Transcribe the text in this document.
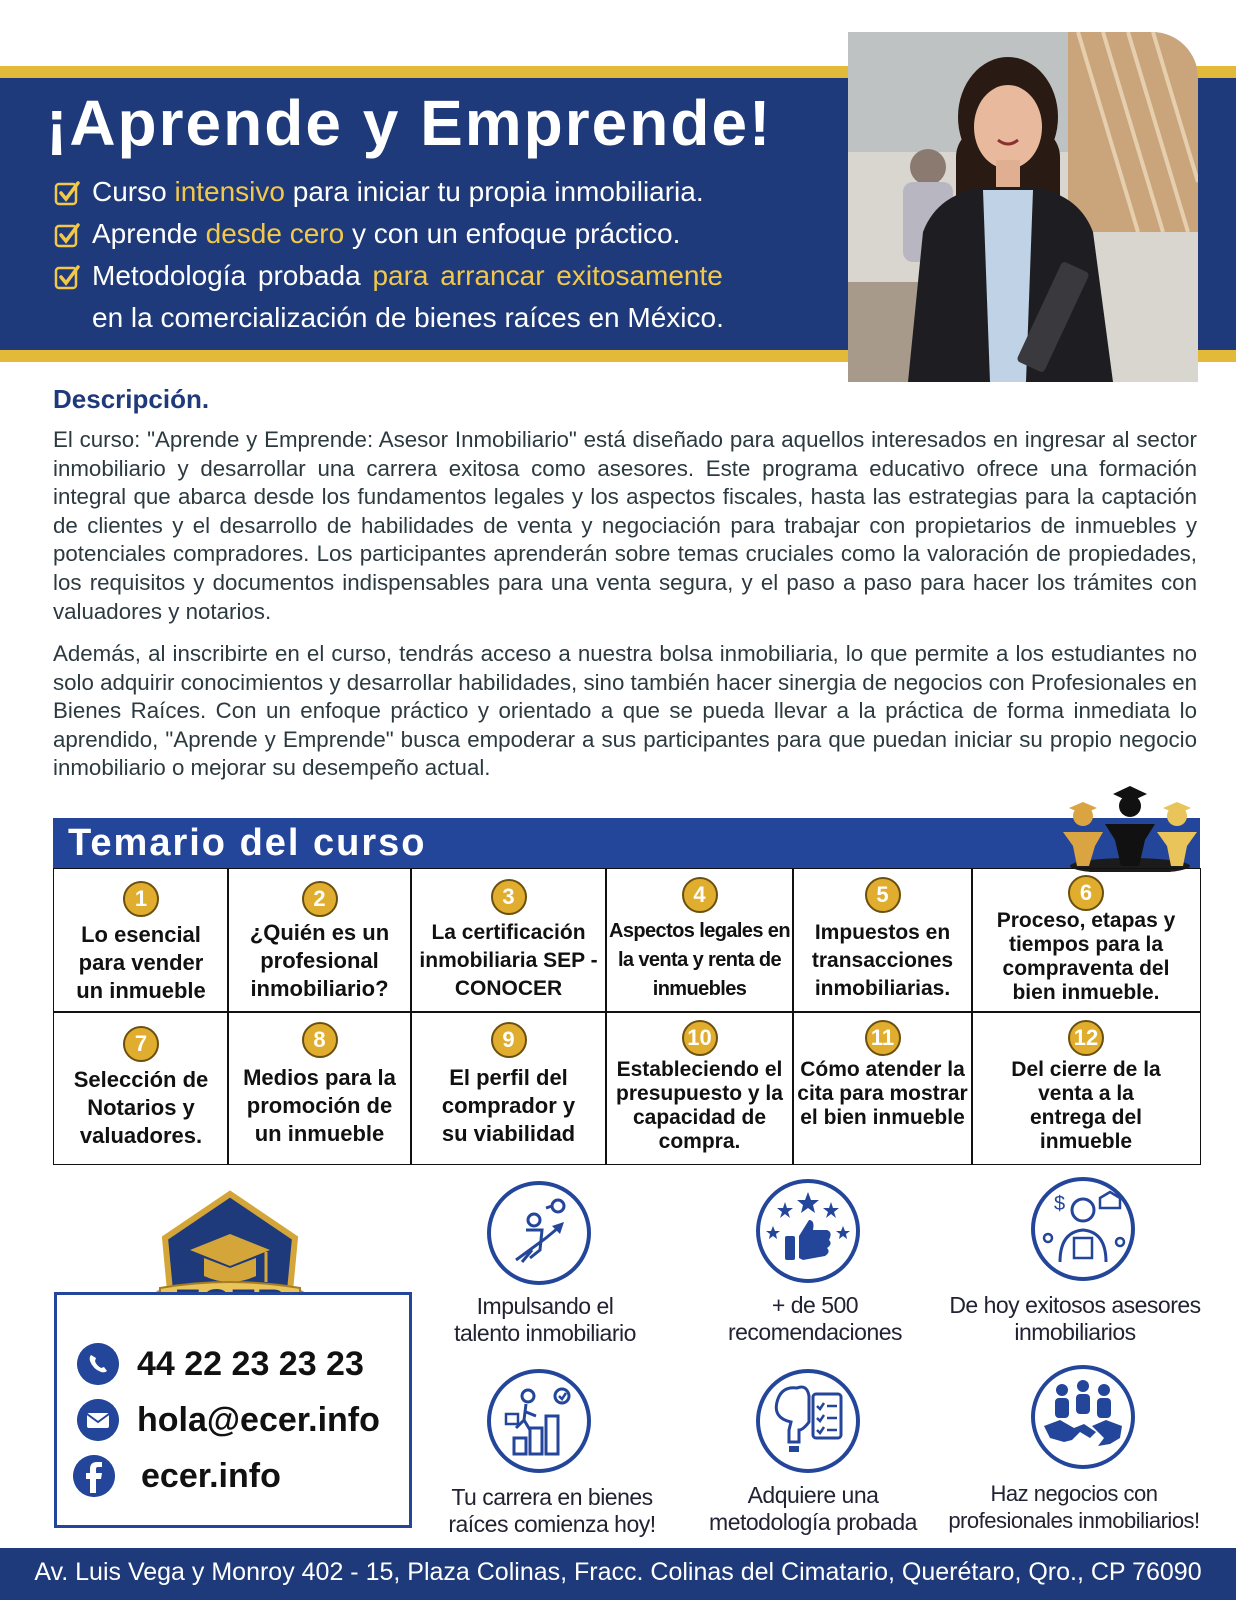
¡Aprende y Emprende!
Curso intensivo para iniciar tu propia inmobiliaria.
Aprende desde cero y con un enfoque práctico.
Metodología probada para arrancar exitosamente
en la comercialización de bienes raíces en México.
Descripción.
El curso: "Aprende y Emprende: Asesor Inmobiliario" está diseñado para aquellos interesados en ingresar al sector inmobiliario y desarrollar una carrera exitosa como asesores. Este programa educativo ofrece una formación integral que abarca desde los fundamentos legales y los aspectos fiscales, hasta las estrategias para la captación de clientes y el desarrollo de habilidades de venta y negociación para trabajar con propietarios de inmuebles y potenciales compradores. Los participantes aprenderán sobre temas cruciales como la valoración de propiedades, los requisitos y documentos indispensables para una venta segura, y el paso a paso para hacer los trámites con valuadores y notarios.
Además, al inscribirte en el curso, tendrás acceso a nuestra bolsa inmobiliaria, lo que permite a los estudiantes no solo adquirir conocimientos y desarrollar habilidades, sino también hacer sinergia de negocios con Profesionales en Bienes Raíces. Con un enfoque práctico y orientado a que se pueda llevar a la práctica de forma inmediata lo aprendido, "Aprende y Emprende" busca empoderar a sus participantes para que puedan iniciar su propio negocio inmobiliario o mejorar su desempeño actual.
Temario del curso
1
Lo esencial para vender un inmueble
2
¿Quién es un profesional inmobiliario?
3
La certificación inmobiliaria SEP - CONOCER
4
Aspectos legales en la venta y renta de inmuebles
5
Impuestos en transacciones inmobiliarias.
6
Proceso, etapas y tiempos para la compraventa del bien inmueble.
7
Selección de Notarios y valuadores.
8
Medios para la promoción de un inmueble
9
El perfil del comprador y su viabilidad
10
Estableciendo el presupuesto y la capacidad de compra.
11
Cómo atender la cita para mostrar el bien inmueble
12
Del cierre de la venta a la entrega del inmueble
44 22 23 23 23
hola@ecer.info
ecer.info
$
Impulsando el talento inmobiliario
+ de 500 recomendaciones
De hoy exitosos asesores inmobiliarios
Tu carrera en bienes raíces comienza hoy!
Adquiere una metodología probada
Haz negocios con profesionales inmobiliarios!
Av. Luis Vega y Monroy 402 - 15, Plaza Colinas, Fracc. Colinas del Cimatario, Querétaro, Qro., CP 76090
